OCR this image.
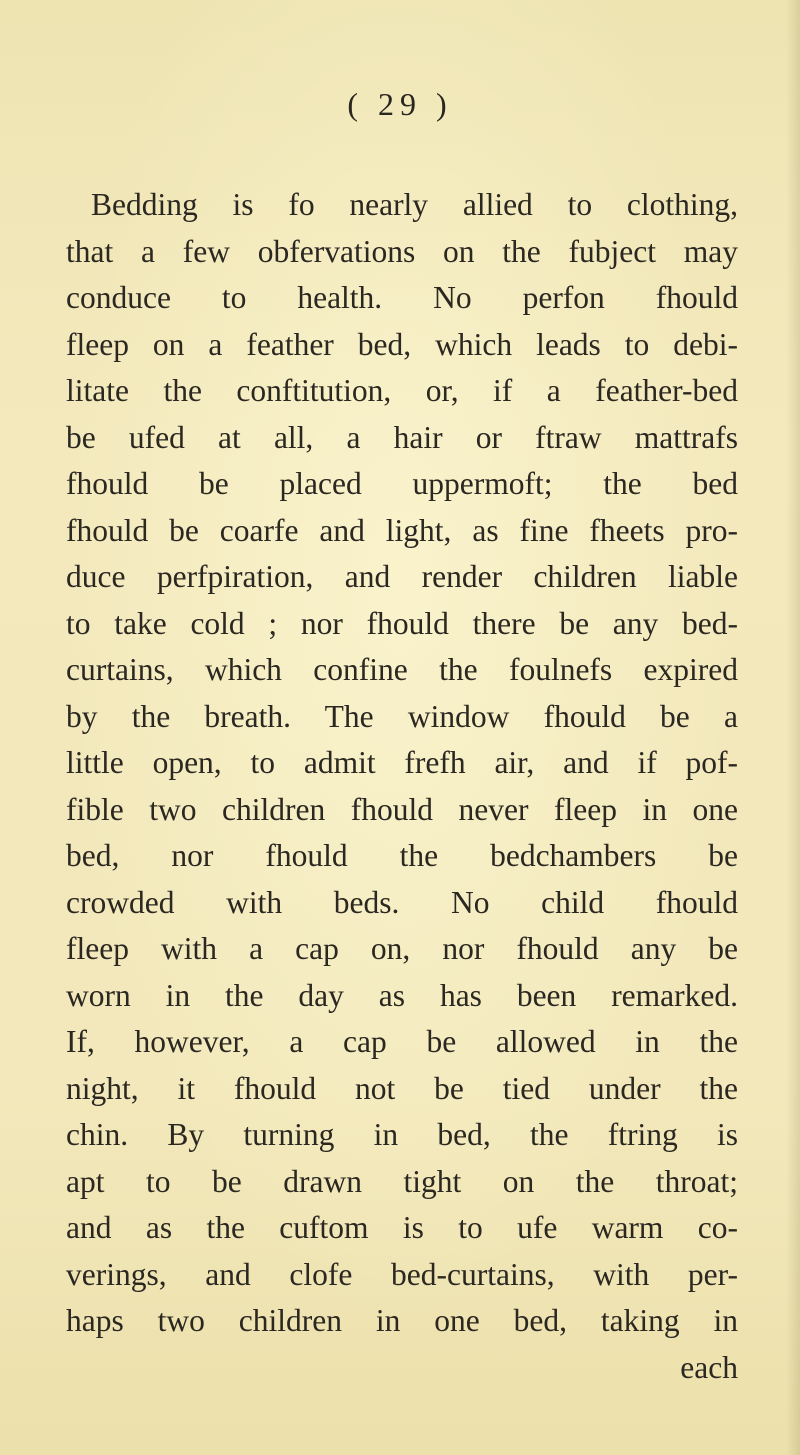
( 29 )
Bedding is fo nearly allied to clothing,
that a few obfervations on the fubject may
conduce to health. No perfon fhould
fleep on a feather bed, which leads to debi-
litate the conftitution, or, if a feather-bed
be ufed at all, a hair or ftraw mattrafs
fhould be placed uppermoft; the bed
fhould be coarfe and light, as fine fheets pro-
duce perfpiration, and render children liable
to take cold ; nor fhould there be any bed-
curtains, which confine the foulnefs expired
by the breath. The window fhould be a
little open, to admit frefh air, and if pof-
fible two children fhould never fleep in one
bed, nor fhould the bedchambers be
crowded with beds. No child fhould
fleep with a cap on, nor fhould any be
worn in the day as has been remarked.
If, however, a cap be allowed in the
night, it fhould not be tied under the
chin. By turning in bed, the ftring is
apt to be drawn tight on the throat;
and as the cuftom is to ufe warm co-
verings, and clofe bed-curtains, with per-
haps two children in one bed, taking in
each
